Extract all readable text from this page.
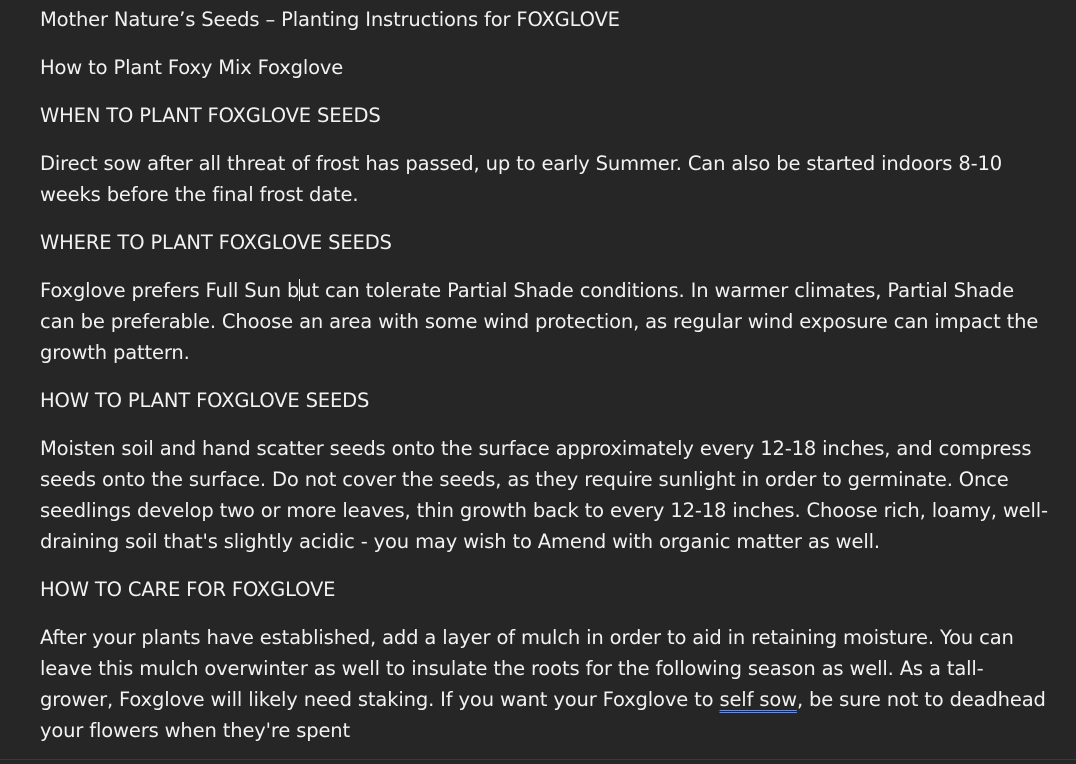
Mother Nature’s Seeds – Planting Instructions for FOXGLOVE

How to Plant Foxy Mix Foxglove

WHEN TO PLANT FOXGLOVE SEEDS

Direct sow after all threat of frost has passed, up to early Summer. Can also be started indoors 8-10 weeks before the final frost date.

WHERE TO PLANT FOXGLOVE SEEDS

Foxglove prefers Full Sun but can tolerate Partial Shade conditions. In warmer climates, Partial Shade can be preferable. Choose an area with some wind protection, as regular wind exposure can impact the growth pattern.

HOW TO PLANT FOXGLOVE SEEDS

Moisten soil and hand scatter seeds onto the surface approximately every 12-18 inches, and compress seeds onto the surface. Do not cover the seeds, as they require sunlight in order to germinate. Once seedlings develop two or more leaves, thin growth back to every 12-18 inches. Choose rich, loamy, well-draining soil that's slightly acidic - you may wish to Amend with organic matter as well.

HOW TO CARE FOR FOXGLOVE

After your plants have established, add a layer of mulch in order to aid in retaining moisture. You can leave this mulch overwinter as well to insulate the roots for the following season as well. As a tall-grower, Foxglove will likely need staking. If you want your Foxglove to self sow, be sure not to deadhead your flowers when they're spent
